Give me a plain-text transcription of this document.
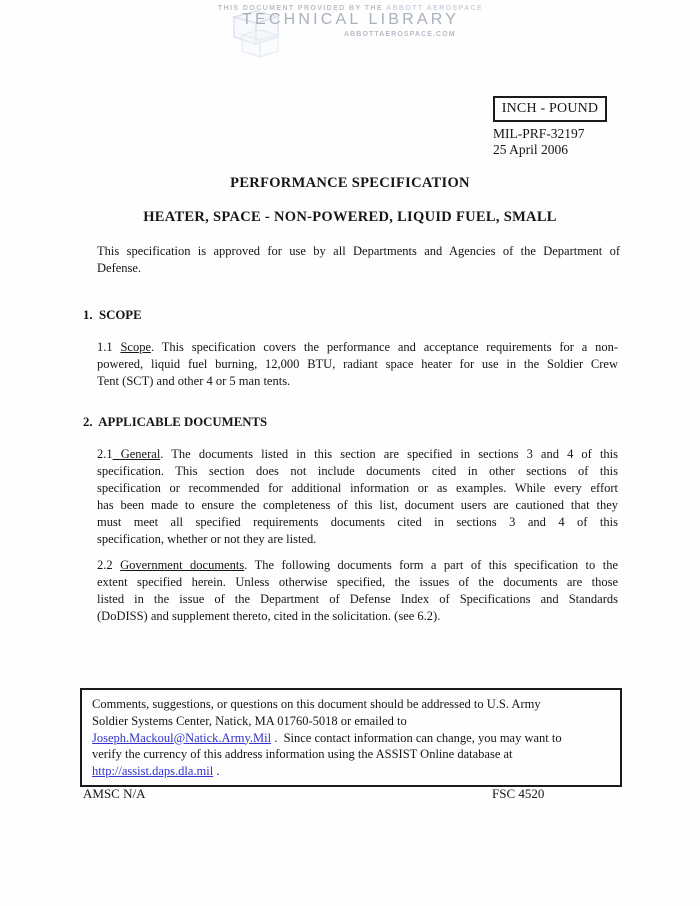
THIS DOCUMENT PROVIDED BY THE ABBOTT AEROSPACE
TECHNICAL LIBRARY
ABBOTTAEROSPACE.COM
INCH - POUND
MIL-PRF-32197
25 April 2006
PERFORMANCE SPECIFICATION
HEATER, SPACE - NON-POWERED, LIQUID FUEL, SMALL
This specification is approved for use by all Departments and Agencies of the Department of
Defense.
1.  SCOPE
1.1 Scope. This specification covers the performance and acceptance requirements for a non-
powered, liquid fuel burning, 12,000 BTU, radiant space heater for use in the Soldier Crew
Tent (SCT) and other 4 or 5 man tents.
2.  APPLICABLE DOCUMENTS
2.1 General. The documents listed in this section are specified in sections 3 and 4 of this
specification. This section does not include documents cited in other sections of this
specification or recommended for additional information or as examples. While every effort
has been made to ensure the completeness of this list, document users are cautioned that they
must meet all specified requirements documents cited in sections 3 and 4 of this
specification, whether or not they are listed.
2.2 Government documents. The following documents form a part of this specification to the
extent specified herein. Unless otherwise specified, the issues of the documents are those
listed in the issue of the Department of Defense Index of Specifications and Standards
(DoDISS) and supplement thereto, cited in the solicitation. (see 6.2).
Comments, suggestions, or questions on this document should be addressed to U.S. Army
Soldier Systems Center, Natick, MA 01760-5018 or emailed to
Joseph.Mackoul@Natick.Army.Mil .  Since contact information can change, you may want to
verify the currency of this address information using the ASSIST Online database at
http://assist.daps.dla.mil .
AMSC N/A	FSC 4520
